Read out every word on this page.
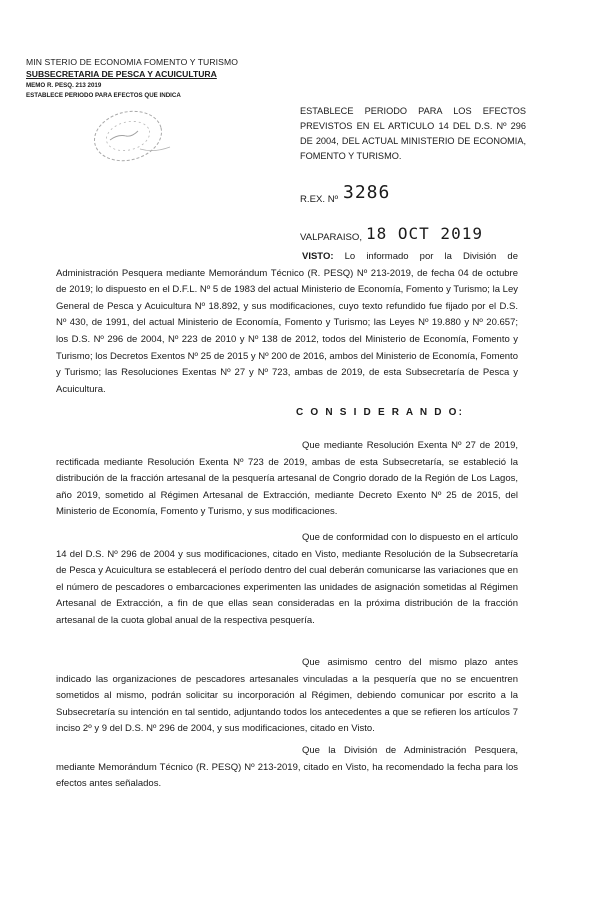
MIN STERIO DE ECONOMIA FOMENTO Y TURISMO
SUBSECRETARIA DE PESCA Y ACUICULTURA
MEMO R. PESQ. 213 2019
ESTABLECE PERIODO PARA EFECTOS QUE INDICA
ESTABLECE PERIODO PARA LOS EFECTOS PREVISTOS EN EL ARTICULO 14 DEL D.S. Nº 296 DE 2004, DEL ACTUAL MINISTERIO DE ECONOMIA, FOMENTO Y TURISMO.
R.EX. Nº 3286
VALPARAISO, 18 OCT 2019
VISTO: Lo informado por la División de Administración Pesquera mediante Memorándum Técnico (R. PESQ) Nº 213-2019, de fecha 04 de octubre de 2019; lo dispuesto en el D.F.L. Nº 5 de 1983 del actual Ministerio de Economía, Fomento y Turismo; la Ley General de Pesca y Acuicultura Nº 18.892, y sus modificaciones, cuyo texto refundido fue fijado por el D.S. Nº 430, de 1991, del actual Ministerio de Economía, Fomento y Turismo; las Leyes Nº 19.880 y Nº 20.657; los D.S. Nº 296 de 2004, Nº 223 de 2010 y Nº 138 de 2012, todos del Ministerio de Economía, Fomento y Turismo; los Decretos Exentos Nº 25 de 2015 y Nº 200 de 2016, ambos del Ministerio de Economía, Fomento y Turismo; las Resoluciones Exentas Nº 27 y Nº 723, ambas de 2019, de esta Subsecretaría de Pesca y Acuicultura.
C O N S I D E R A N D O:
Que mediante Resolución Exenta Nº 27 de 2019, rectificada mediante Resolución Exenta Nº 723 de 2019, ambas de esta Subsecretaría, se estableció la distribución de la fracción artesanal de la pesquería artesanal de Congrio dorado de la Región de Los Lagos, año 2019, sometido al Régimen Artesanal de Extracción, mediante Decreto Exento Nº 25 de 2015, del Ministerio de Economía, Fomento y Turismo, y sus modificaciones.
Que de conformidad con lo dispuesto en el artículo 14 del D.S. Nº 296 de 2004 y sus modificaciones, citado en Visto, mediante Resolución de la Subsecretaría de Pesca y Acuicultura se establecerá el período dentro del cual deberán comunicarse las variaciones que en el número de pescadores o embarcaciones experimenten las unidades de asignación sometidas al Régimen Artesanal de Extracción, a fin de que ellas sean consideradas en la próxima distribución de la fracción artesanal de la cuota global anual de la respectiva pesquería.
Que asimismo centro del mismo plazo antes indicado las organizaciones de pescadores artesanales vinculadas a la pesquería que no se encuentren sometidos al mismo, podrán solicitar su incorporación al Régimen, debiendo comunicar por escrito a la Subsecretaría su intención en tal sentido, adjuntando todos los antecedentes a que se refieren los artículos 7 inciso 2º y 9 del D.S. Nº 296 de 2004, y sus modificaciones, citado en Visto.
Que la División de Administración Pesquera, mediante Memorándum Técnico (R. PESQ) Nº 213-2019, citado en Visto, ha recomendado la fecha para los efectos antes señalados.
